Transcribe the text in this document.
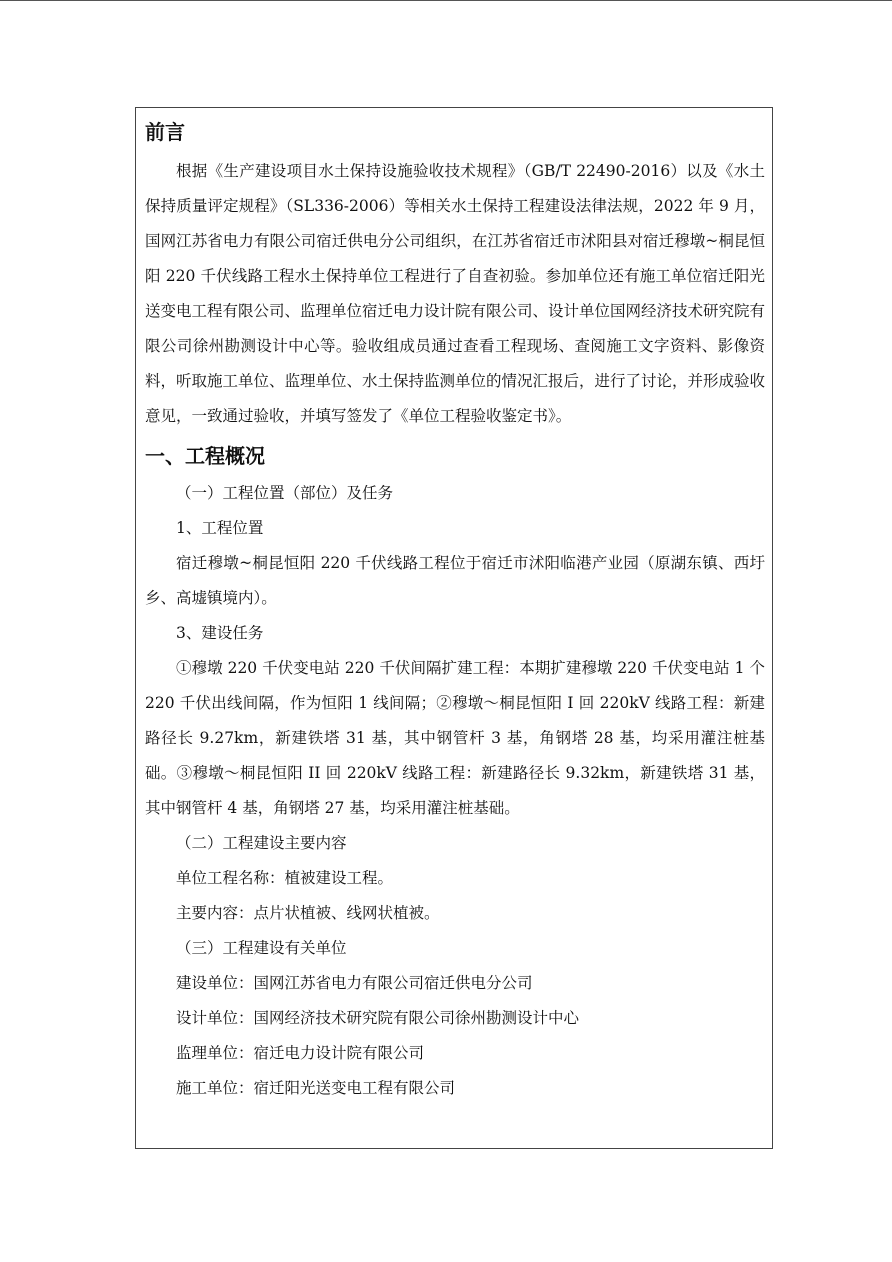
前言

根据《生产建设项目水土保持设施验收技术规程》（GB/T 22490-2016）以及《水土保持质量评定规程》（SL336-2006）等相关水土保持工程建设法律法规，2022 年 9 月，国网江苏省电力有限公司宿迁供电分公司组织，在江苏省宿迁市沭阳县对宿迁穆墩~桐昆恒阳 220 千伏线路工程水土保持单位工程进行了自查初验。参加单位还有施工单位宿迁阳光送变电工程有限公司、监理单位宿迁电力设计院有限公司、设计单位国网经济技术研究院有限公司徐州勘测设计中心等。验收组成员通过查看工程现场、查阅施工文字资料、影像资料，听取施工单位、监理单位、水土保持监测单位的情况汇报后，进行了讨论，并形成验收意见，一致通过验收，并填写签发了《单位工程验收鉴定书》。

一、工程概况
（一）工程位置（部位）及任务
1、工程位置

宿迁穆墩~桐昆恒阳 220 千伏线路工程位于宿迁市沭阳临港产业园（原湖东镇、西圩乡、高墟镇境内）。

3、建设任务

①穆墩 220 千伏变电站 220 千伏间隔扩建工程：本期扩建穆墩 220 千伏变电站 1 个 220 千伏出线间隔，作为恒阳 1 线间隔；②穆墩～桐昆恒阳 I 回 220kV 线路工程：新建路径长 9.27km，新建铁塔 31 基，其中钢管杆 3 基，角钢塔 28 基，均采用灌注桩基础。③穆墩～桐昆恒阳 II 回 220kV 线路工程：新建路径长 9.32km，新建铁塔 31 基，其中钢管杆 4 基，角钢塔 27 基，均采用灌注桩基础。

（二）工程建设主要内容
单位工程名称：植被建设工程。
主要内容：点片状植被、线网状植被。
（三）工程建设有关单位
建设单位：国网江苏省电力有限公司宿迁供电分公司
设计单位：国网经济技术研究院有限公司徐州勘测设计中心
监理单位：宿迁电力设计院有限公司
施工单位：宿迁阳光送变电工程有限公司
